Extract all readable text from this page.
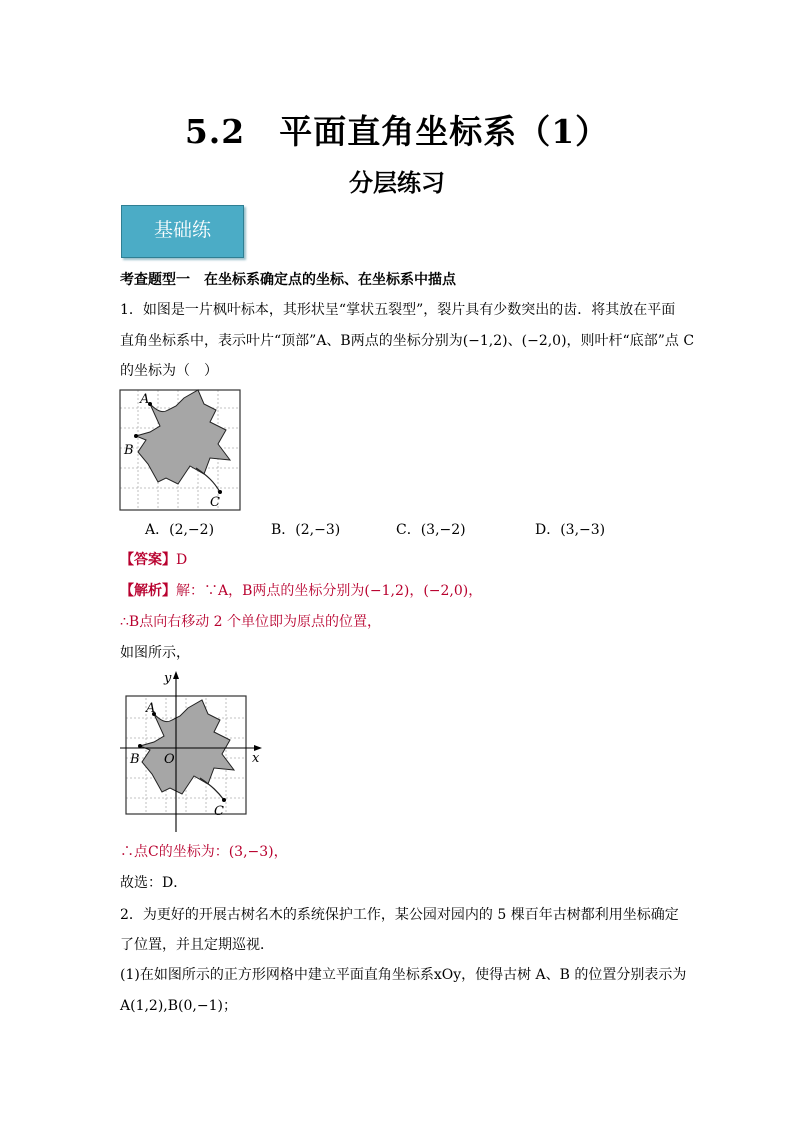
5.2　平面直角坐标系（1）
分层练习
基础练
考查题型一　在坐标系确定点的坐标、在坐标系中描点
1．如图是一片枫叶标本，其形状呈“掌状五裂型”，裂片具有少数突出的齿．将其放在平面
直角坐标系中，表示叶片“顶部”A、B两点的坐标分别为(−1,2)、(−2,0)，则叶杆“底部”点 C
的坐标为（　）
A
B
C
A．(2,−2)	B．(2,−3)	C．(3,−2)	D．(3,−3)
【答案】D
【解析】解：∵A，B两点的坐标分别为(−1,2)，(−2,0)，
∴B点向右移动 2 个单位即为原点的位置，
如图所示，
A
B
C
O	x
y
∴点C的坐标为：(3,−3)，
故选：D．
2．为更好的开展古树名木的系统保护工作，某公园对园内的 5 棵百年古树都利用坐标确定
了位置，并且定期巡视．
(1)在如图所示的正方形网格中建立平面直角坐标系xOy，使得古树 A、B 的位置分别表示为
A(1,2),B(0,−1)；
